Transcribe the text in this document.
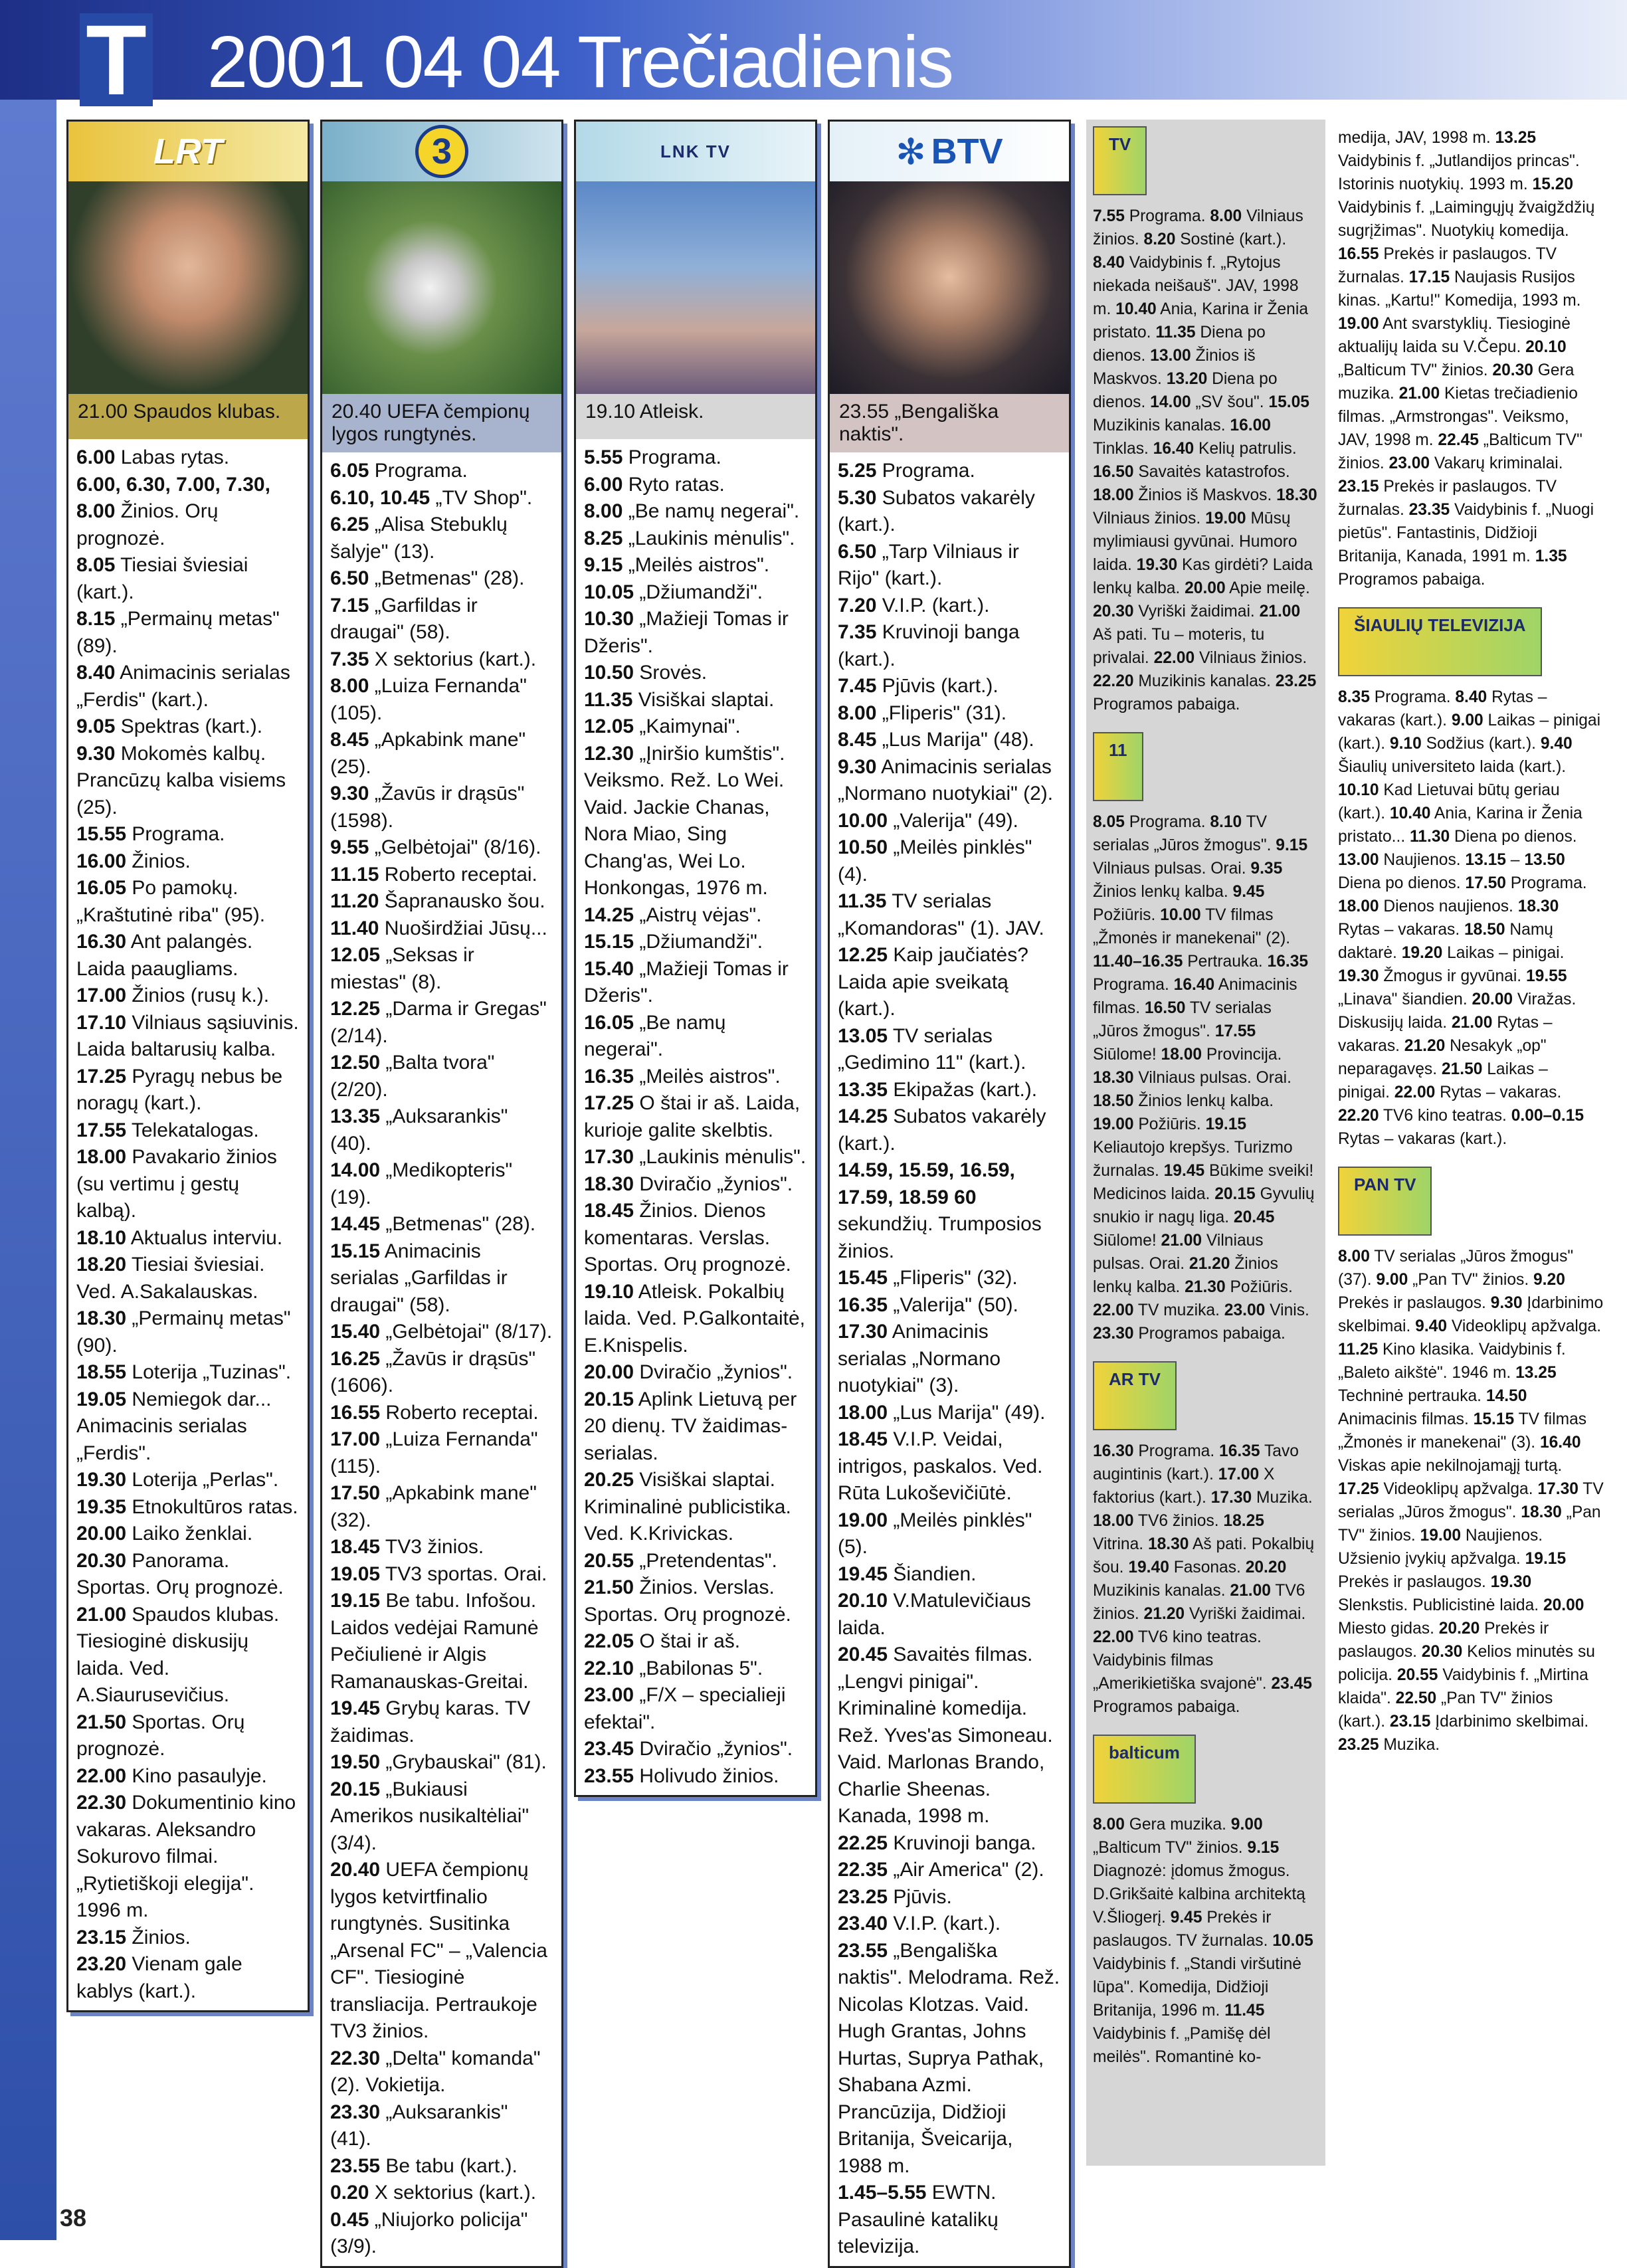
T 2001 04 04 Trečiadienis
LRT
21.00 Spaudos klubas.

6.00 Labas rytas.

6.00, 6.30, 7.00, 7.30, 8.00 Žinios. Orų prognozė.

8.05 Tiesiai šviesiai (kart.).

8.15 „Permainų metas" (89).

8.40 Animacinis serialas „Ferdis" (kart.).

9.05 Spektras (kart.).

9.30 Mokomės kalbų. Prancūzų kalba visiems (25).

15.55 Programa.

16.00 Žinios.

16.05 Po pamokų. „Kraštutinė riba" (95).

16.30 Ant palangės. Laida paaugliams.

17.00 Žinios (rusų k.).

17.10 Vilniaus sąsiuvinis. Laida baltarusių kalba.

17.25 Pyragų nebus be noragų (kart.).

17.55 Telekatalogas.

18.00 Pavakario žinios (su vertimu į gestų kalbą).

18.10 Aktualus interviu.

18.20 Tiesiai šviesiai. Ved. A.Sakalauskas.

18.30 „Permainų metas" (90).

18.55 Loterija „Tuzinas".

19.05 Nemiegok dar... Animacinis serialas „Ferdis".

19.30 Loterija „Perlas".

19.35 Etnokultūros ratas.

20.00 Laiko ženklai.

20.30 Panorama. Sportas. Orų prognozė.

21.00 Spaudos klubas. Tiesioginė diskusijų laida. Ved. A.Siaurusevičius.

21.50 Sportas. Orų prognozė.

22.00 Kino pasaulyje.

22.30 Dokumentinio kino vakaras. Aleksandro Sokurovo filmai. „Rytietiškoji elegija". 1996 m.

23.15 Žinios.

23.20 Vienam gale kablys (kart.).

3
20.40 UEFA čempionų lygos rungtynės.

6.05 Programa.

6.10, 10.45 „TV Shop".

6.25 „Alisa Stebuklų šalyje" (13).

6.50 „Betmenas" (28).

7.15 „Garfildas ir draugai" (58).

7.35 X sektorius (kart.).

8.00 „Luiza Fernanda" (105).

8.45 „Apkabink mane" (25).

9.30 „Žavūs ir drąsūs" (1598).

9.55 „Gelbėtojai" (8/16).

11.15 Roberto receptai.

11.20 Šapranausko šou.

11.40 Nuoširdžiai Jūsų...

12.05 „Seksas ir miestas" (8).

12.25 „Darma ir Gregas" (2/14).

12.50 „Balta tvora" (2/20).

13.35 „Auksarankis" (40).

14.00 „Medikopteris" (19).

14.45 „Betmenas" (28).

15.15 Animacinis serialas „Garfildas ir draugai" (58).

15.40 „Gelbėtojai" (8/17).

16.25 „Žavūs ir drąsūs" (1606).

16.55 Roberto receptai.

17.00 „Luiza Fernanda" (115).

17.50 „Apkabink mane" (32).

18.45 TV3 žinios.

19.05 TV3 sportas. Orai.

19.15 Be tabu. Infošou. Laidos vedėjai Ramunė Pečiulienė ir Algis Ramanauskas-Greitai.

19.45 Grybų karas. TV žaidimas.

19.50 „Grybauskai" (81).

20.15 „Bukiausi Amerikos nusikaltėliai" (3/4).

20.40 UEFA čempionų lygos ketvirtfinalio rungtynės. Susitinka „Arsenal FC" – „Valencia CF". Tiesioginė transliacija. Pertraukoje TV3 žinios.

22.30 „Delta" komanda" (2). Vokietija.

23.30 „Auksarankis" (41).

23.55 Be tabu (kart.).

0.20 X sektorius (kart.).

0.45 „Niujorko policija" (3/9).

LNK TV
19.10 Atleisk.

5.55 Programa.

6.00 Ryto ratas.

8.00 „Be namų negerai".

8.25 „Laukinis mėnulis".

9.15 „Meilės aistros".

10.05 „Džiumandži".

10.30 „Mažieji Tomas ir Džeris".

10.50 Srovės.

11.35 Visiškai slaptai.

12.05 „Kaimynai".

12.30 „Įniršio kumštis". Veiksmo. Rež. Lo Wei. Vaid. Jackie Chanas, Nora Miao, Sing Chang'as, Wei Lo. Honkongas, 1976 m.

14.25 „Aistrų vėjas".

15.15 „Džiumandži".

15.40 „Mažieji Tomas ir Džeris".

16.05 „Be namų negerai".

16.35 „Meilės aistros".

17.25 O štai ir aš. Laida, kurioje galite skelbtis.

17.30 „Laukinis mėnulis".

18.30 Dviračio „žynios".

18.45 Žinios. Dienos komentaras. Verslas. Sportas. Orų prognozė.

19.10 Atleisk. Pokalbių laida. Ved. P.Galkontaitė, E.Knispelis.

20.00 Dviračio „žynios".

20.15 Aplink Lietuvą per 20 dienų. TV žaidimas-serialas.

20.25 Visiškai slaptai. Kriminalinė publicistika. Ved. K.Krivickas.

20.55 „Pretendentas".

21.50 Žinios. Verslas. Sportas. Orų prognozė.

22.05 O štai ir aš.

22.10 „Babilonas 5".

23.00 „F/X – specialieji efektai".

23.45 Dviračio „žynios".

23.55 Holivudo žinios.

✻ BTV
23.55 „Bengališka naktis".

5.25 Programa.

5.30 Subatos vakarėly (kart.).

6.50 „Tarp Vilniaus ir Rijo" (kart.).

7.20 V.I.P. (kart.).

7.35 Kruvinoji banga (kart.).

7.45 Pjūvis (kart.).

8.00 „Fliperis" (31).

8.45 „Lus Marija" (48).

9.30 Animacinis serialas „Normano nuotykiai" (2).

10.00 „Valerija" (49).

10.50 „Meilės pinklės" (4).

11.35 TV serialas „Komandoras" (1). JAV.

12.25 Kaip jaučiatės? Laida apie sveikatą (kart.).

13.05 TV serialas „Gedimino 11" (kart.).

13.35 Ekipažas (kart.).

14.25 Subatos vakarėly (kart.).

14.59, 15.59, 16.59, 17.59, 18.59 60 sekundžių. Trumposios žinios.

15.45 „Fliperis" (32).

16.35 „Valerija" (50).

17.30 Animacinis serialas „Normano nuotykiai" (3).

18.00 „Lus Marija" (49).

18.45 V.I.P. Veidai, intrigos, paskalos. Ved. Rūta Lukoševičiūtė.

19.00 „Meilės pinklės" (5).

19.45 Šiandien.

20.10 V.Matulevičiaus laida.

20.45 Savaitės filmas. „Lengvi pinigai". Kriminalinė komedija. Rež. Yves'as Simoneau. Vaid. Marlonas Brando, Charlie Sheenas. Kanada, 1998 m.

22.25 Kruvinoji banga.

22.35 „Air America" (2).

23.25 Pjūvis.

23.40 V.I.P. (kart.).

23.55 „Bengališka naktis". Melodrama. Rež. Nicolas Klotzas. Vaid. Hugh Grantas, Johns Hurtas, Suprya Pathak, Shabana Azmi. Prancūzija, Didžioji Britanija, Šveicarija, 1988 m.

1.45–5.55 EWTN. Pasaulinė katalikų televizija.

TV
7.55 Programa. 8.00 Vilniaus žinios. 8.20 Sostinė (kart.). 8.40 Vaidybinis f. „Rytojus niekada neišauš". JAV, 1998 m. 10.40 Ania, Karina ir Ženia pristato. 11.35 Diena po dienos. 13.00 Žinios iš Maskvos. 13.20 Diena po dienos. 14.00 „SV šou". 15.05 Muzikinis kanalas. 16.00 Tinklas. 16.40 Kelių patrulis. 16.50 Savaitės katastrofos. 18.00 Žinios iš Maskvos. 18.30 Vilniaus žinios. 19.00 Mūsų mylimiausi gyvūnai. Humoro laida. 19.30 Kas girdėti? Laida lenkų kalba. 20.00 Apie meilę. 20.30 Vyriški žaidimai. 21.00 Aš pati. Tu – moteris, tu privalai. 22.00 Vilniaus žinios. 22.20 Muzikinis kanalas. 23.25 Programos pabaiga.
11
8.05 Programa. 8.10 TV serialas „Jūros žmogus". 9.15 Vilniaus pulsas. Orai. 9.35 Žinios lenkų kalba. 9.45 Požiūris. 10.00 TV filmas „Žmonės ir manekenai" (2). 11.40–16.35 Pertrauka. 16.35 Programa. 16.40 Animacinis filmas. 16.50 TV serialas „Jūros žmogus". 17.55 Siūlome! 18.00 Provincija. 18.30 Vilniaus pulsas. Orai. 18.50 Žinios lenkų kalba. 19.00 Požiūris. 19.15 Keliautojo krepšys. Turizmo žurnalas. 19.45 Būkime sveiki! Medicinos laida. 20.15 Gyvulių snukio ir nagų liga. 20.45 Siūlome! 21.00 Vilniaus pulsas. Orai. 21.20 Žinios lenkų kalba. 21.30 Požiūris. 22.00 TV muzika. 23.00 Vinis. 23.30 Programos pabaiga.
AR TV
16.30 Programa. 16.35 Tavo augintinis (kart.). 17.00 X faktorius (kart.). 17.30 Muzika. 18.00 TV6 žinios. 18.25 Vitrina. 18.30 Aš pati. Pokalbių šou. 19.40 Fasonas. 20.20 Muzikinis kanalas. 21.00 TV6 žinios. 21.20 Vyriški žaidimai. 22.00 TV6 kino teatras. Vaidybinis filmas „Amerikietiška svajonė". 23.45 Programos pabaiga.
balticum
8.00 Gera muzika. 9.00 „Balticum TV" žinios. 9.15 Diagnozė: įdomus žmogus. D.Grikšaitė kalbina architektą V.Šliogerį. 9.45 Prekės ir paslaugos. TV žurnalas. 10.05 Vaidybinis f. „Standi viršutinė lūpa". Komedija, Didžioji Britanija, 1996 m. 11.45 Vaidybinis f. „Pamišę dėl meilės". Romantinė ko-
medija, JAV, 1998 m. 13.25 Vaidybinis f. „Jutlandijos princas". Istorinis nuotykių. 1993 m. 15.20 Vaidybinis f. „Laimingųjų žvaigždžių sugrįžimas". Nuotykių komedija. 16.55 Prekės ir paslaugos. TV žurnalas. 17.15 Naujasis Rusijos kinas. „Kartu!" Komedija, 1993 m. 19.00 Ant svarstyklių. Tiesioginė aktualijų laida su V.Čepu. 20.10 „Balticum TV" žinios. 20.30 Gera muzika. 21.00 Kietas trečiadienio filmas. „Armstrongas". Veiksmo, JAV, 1998 m. 22.45 „Balticum TV" žinios. 23.00 Vakarų kriminalai. 23.15 Prekės ir paslaugos. TV žurnalas. 23.35 Vaidybinis f. „Nuogi pietūs". Fantastinis, Didžioji Britanija, Kanada, 1991 m. 1.35 Programos pabaiga.
ŠIAULIŲ TELEVIZIJA
8.35 Programa. 8.40 Rytas – vakaras (kart.). 9.00 Laikas – pinigai (kart.). 9.10 Sodžius (kart.). 9.40 Šiaulių universiteto laida (kart.). 10.10 Kad Lietuvai būtų geriau (kart.). 10.40 Ania, Karina ir Ženia pristato... 11.30 Diena po dienos. 13.00 Naujienos. 13.15 – 13.50 Diena po dienos. 17.50 Programa. 18.00 Dienos naujienos. 18.30 Rytas – vakaras. 18.50 Namų daktarė. 19.20 Laikas – pinigai. 19.30 Žmogus ir gyvūnai. 19.55 „Linava" šiandien. 20.00 Viražas. Diskusijų laida. 21.00 Rytas – vakaras. 21.20 Nesakyk „op" neparagavęs. 21.50 Laikas – pinigai. 22.00 Rytas – vakaras. 22.20 TV6 kino teatras. 0.00–0.15 Rytas – vakaras (kart.).
PAN TV
8.00 TV serialas „Jūros žmogus" (37). 9.00 „Pan TV" žinios. 9.20 Prekės ir paslaugos. 9.30 Įdarbinimo skelbimai. 9.40 Videoklipų apžvalga. 11.25 Kino klasika. Vaidybinis f. „Baleto aikštė". 1946 m. 13.25 Techninė pertrauka. 14.50 Animacinis filmas. 15.15 TV filmas „Žmonės ir manekenai" (3). 16.40 Viskas apie nekilnojamąjį turtą. 17.25 Videoklipų apžvalga. 17.30 TV serialas „Jūros žmogus". 18.30 „Pan TV" žinios. 19.00 Naujienos. Užsienio įvykių apžvalga. 19.15 Prekės ir paslaugos. 19.30 Slenkstis. Publicistinė laida. 20.00 Miesto gidas. 20.20 Prekės ir paslaugos. 20.30 Kelios minutės su policija. 20.55 Vaidybinis f. „Mirtina klaida". 22.50 „Pan TV" žinios (kart.). 23.15 Įdarbinimo skelbimai. 23.25 Muzika.
38
